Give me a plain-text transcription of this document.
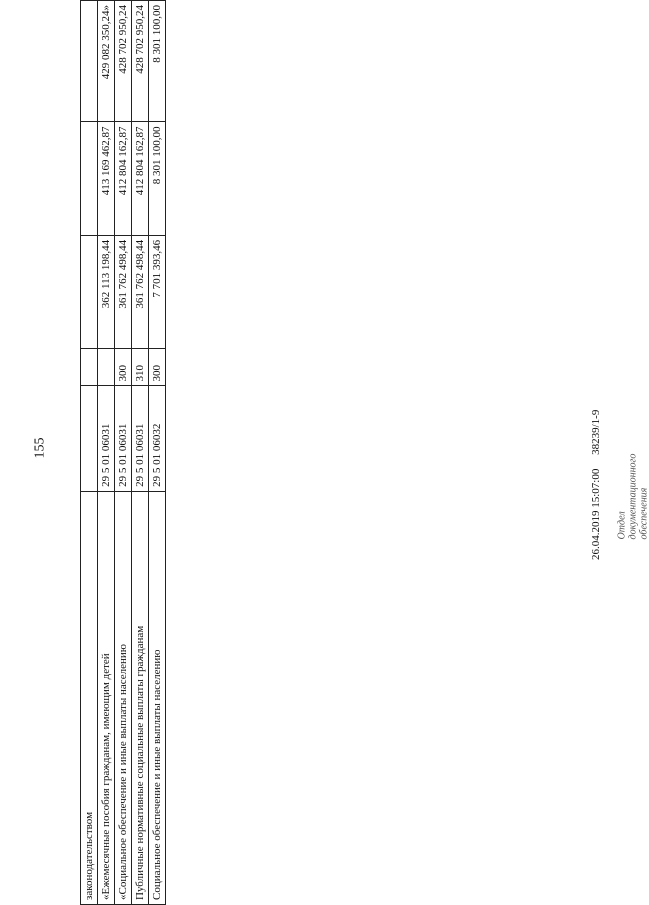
155
законодательством					
«Ежемесячные пособия гражданам, имеющим детей	29 5 01 06031		362 113 198,44	413 169 462,87	429 082 350,24»
«Социальное обеспечение и иные выплаты населению	29 5 01 06031	300	361 762 498,44	412 804 162,87	428 702 950,24
Публичные нормативные социальные выплаты гражданам	29 5 01 06031	310	361 762 498,44	412 804 162,87	428 702 950,24
Социальное обеспечение и иные выплаты населению	29 5 01 06032	300	7 701 393,46	8 301 100,00	8 301 100,00
Отдел документационного обеспечения
26.04.2019 15:07:00     38239/1-9
